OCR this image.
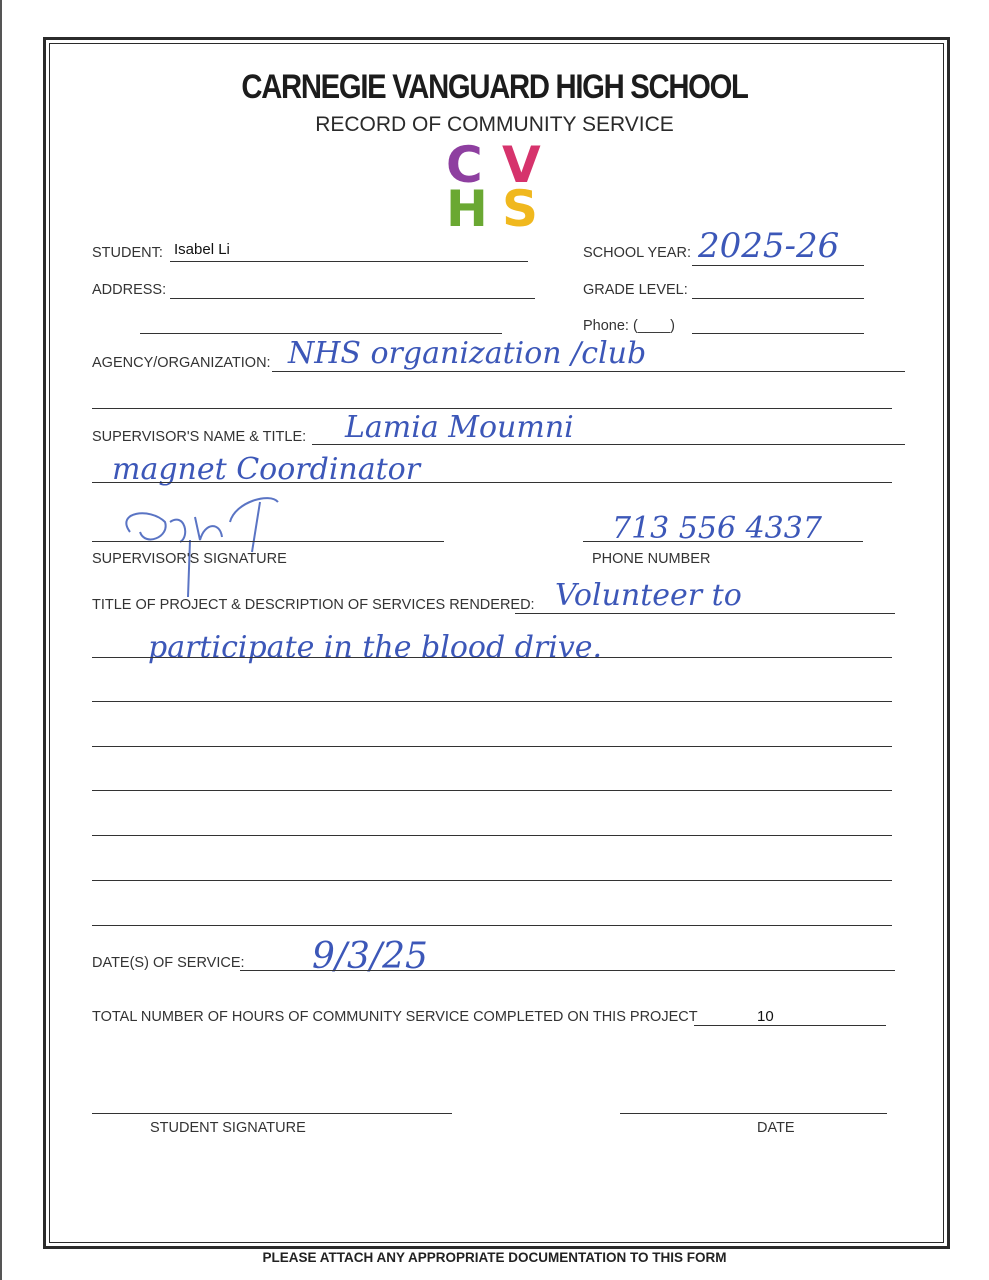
CARNEGIE VANGUARD HIGH SCHOOL
RECORD OF COMMUNITY SERVICE
C V
H S
STUDENT: Isabel Li	SCHOOL YEAR: 2025-26
ADDRESS:	GRADE LEVEL:
Phone: (____)
AGENCY/ORGANIZATION: NHS organization /club
SUPERVISOR'S NAME & TITLE: Lamia Moumni
magnet Coordinator
SUPERVISOR'S SIGNATURE
713 556 4337
PHONE NUMBER
TITLE OF PROJECT & DESCRIPTION OF SERVICES RENDERED: Volunteer to
participate in the blood drive.
DATE(S) OF SERVICE: 9/3/25
TOTAL NUMBER OF HOURS OF COMMUNITY SERVICE COMPLETED ON THIS PROJECT	10
STUDENT SIGNATURE	DATE
PLEASE ATTACH ANY APPROPRIATE DOCUMENTATION TO THIS FORM
